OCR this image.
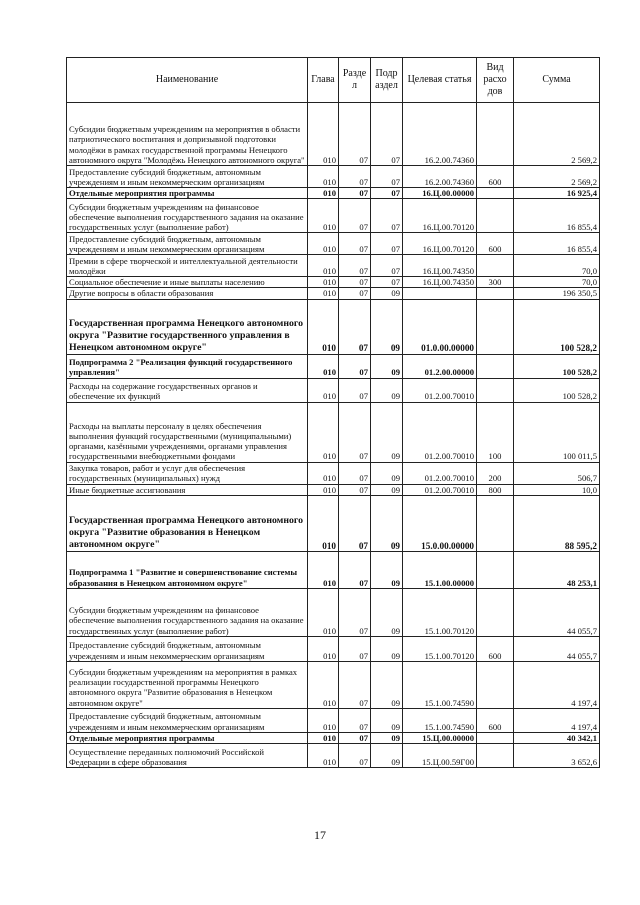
Наименование	Глава	Разде л	Подр аздел	Целевая статья	Вид расхо дов	Сумма
Субсидии бюджетным учреждениям на мероприятия в области патриотического воспитания и допризывной подготовки молодёжи в рамках государственной программы Ненецкого автономного округа "Молодёжь Ненецкого автономного округа"	010	07	07	16.2.00.74360		2 569,2
Предоставление субсидий бюджетным, автономным учреждениям и иным некоммерческим организациям	010	07	07	16.2.00.74360	600	2 569,2
Отдельные мероприятия программы	010	07	07	16.Ц.00.00000		16 925,4
Субсидии бюджетным учреждениям на финансовое обеспечение выполнения государственного задания на оказание государственных услуг (выполнение работ)	010	07	07	16.Ц.00.70120		16 855,4
Предоставление субсидий бюджетным, автономным учреждениям и иным некоммерческим организациям	010	07	07	16.Ц.00.70120	600	16 855,4
Премии в сфере творческой и интеллектуальной деятельности молодёжи	010	07	07	16.Ц.00.74350		70,0
Социальное обеспечение и иные выплаты населению	010	07	07	16.Ц.00.74350	300	70,0
Другие вопросы в области образования	010	07	09			196 350,5
Государственная программа Ненецкого автономного округа "Развитие государственного управления в Ненецком автономном округе"	010	07	09	01.0.00.00000		100 528,2
Подпрограмма 2 "Реализация функций государственного управления"	010	07	09	01.2.00.00000		100 528,2
Расходы на содержание государственных органов и обеспечение их функций	010	07	09	01.2.00.70010		100 528,2
Расходы на выплаты персоналу в целях обеспечения выполнения функций государственными (муниципальными) органами, казёнными учреждениями, органами управления государственными внебюджетными фондами	010	07	09	01.2.00.70010	100	100 011,5
Закупка товаров, работ и услуг для обеспечения государственных (муниципальных) нужд	010	07	09	01.2.00.70010	200	506,7
Иные бюджетные ассигнования	010	07	09	01.2.00.70010	800	10,0
Государственная программа Ненецкого автономного округа "Развитие образования в Ненецком автономном округе"	010	07	09	15.0.00.00000		88 595,2
Подпрограмма 1 "Развитие и совершенствование системы образования в Ненецком автономном округе"	010	07	09	15.1.00.00000		48 253,1
Субсидии бюджетным учреждениям на финансовое обеспечение выполнения государственного задания на оказание государственных услуг (выполнение работ)	010	07	09	15.1.00.70120		44 055,7
Предоставление субсидий бюджетным, автономным учреждениям и иным некоммерческим организациям	010	07	09	15.1.00.70120	600	44 055,7
Субсидии бюджетным учреждениям на мероприятия в рамках реализации государственной программы Ненецкого автономного округа "Развитие образования в Ненецком автономном округе"	010	07	09	15.1.00.74590		4 197,4
Предоставление субсидий бюджетным, автономным учреждениям и иным некоммерческим организациям	010	07	09	15.1.00.74590	600	4 197,4
Отдельные мероприятия программы	010	07	09	15.Ц.00.00000		40 342,1
Осуществление переданных полномочий Российской Федерации в сфере образования	010	07	09	15.Ц.00.59Г00		3 652,6
17
